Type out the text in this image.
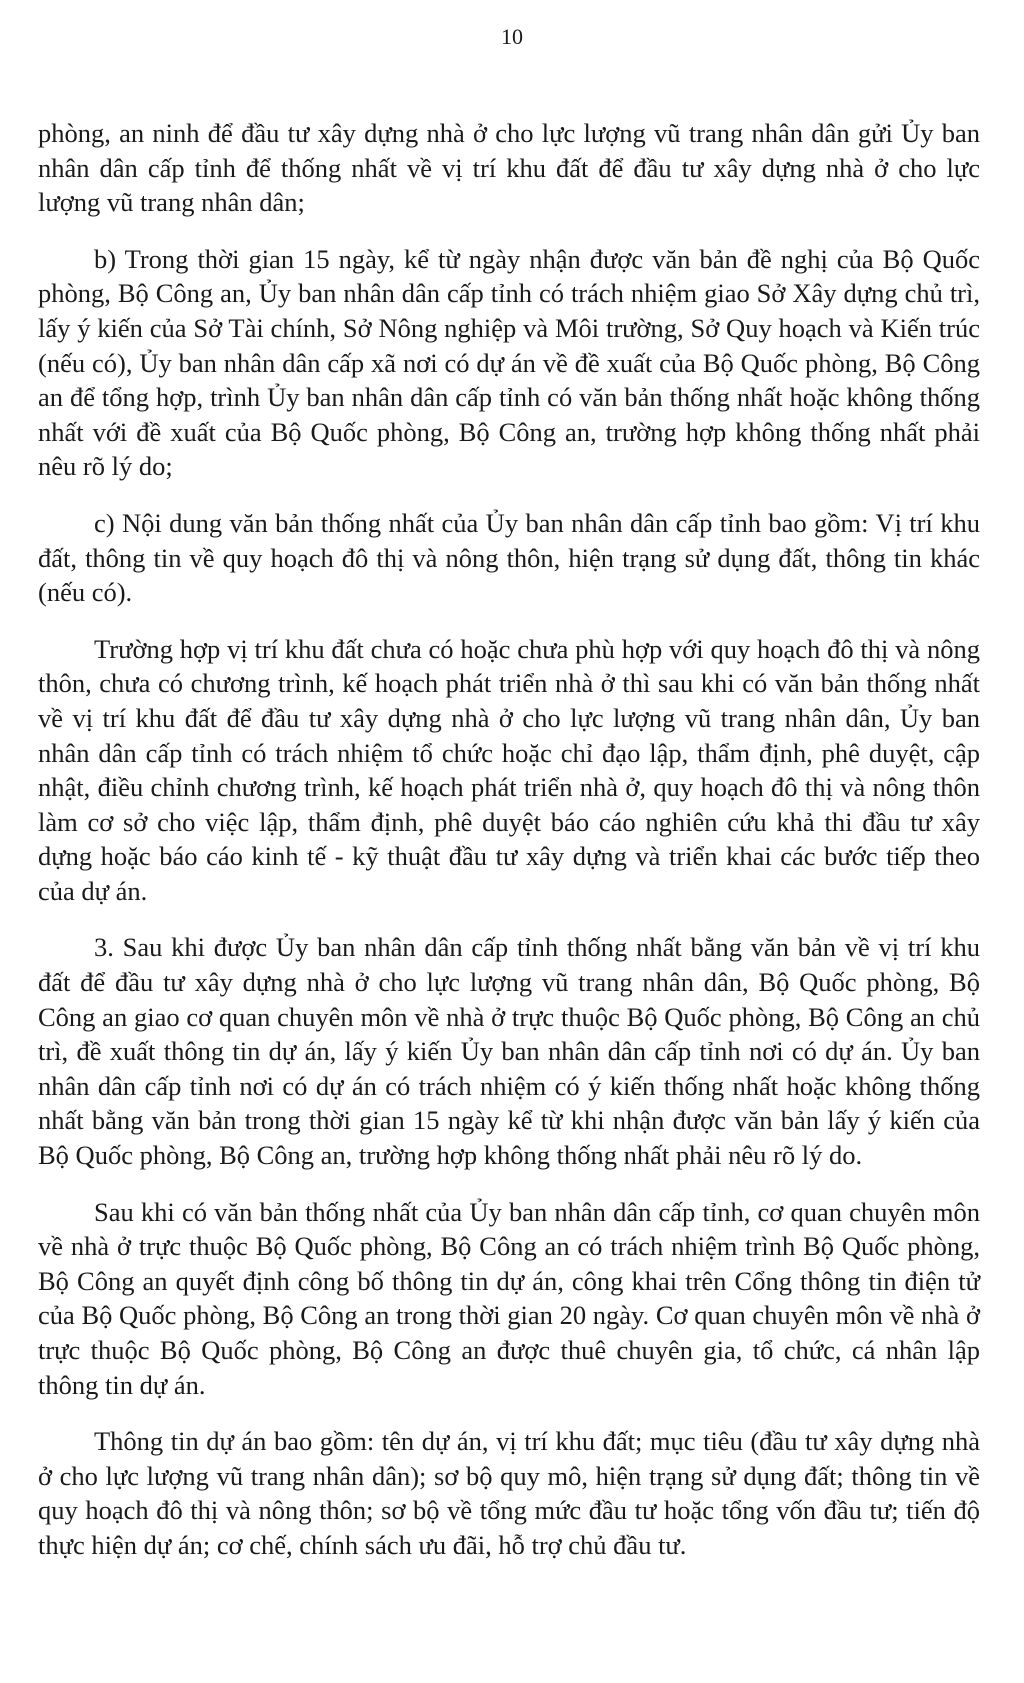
10

phòng, an ninh để đầu tư xây dựng nhà ở cho lực lượng vũ trang nhân dân gửi Ủy ban nhân dân cấp tỉnh để thống nhất về vị trí khu đất để đầu tư xây dựng nhà ở cho lực lượng vũ trang nhân dân;

b) Trong thời gian 15 ngày, kể từ ngày nhận được văn bản đề nghị của Bộ Quốc phòng, Bộ Công an, Ủy ban nhân dân cấp tỉnh có trách nhiệm giao Sở Xây dựng chủ trì, lấy ý kiến của Sở Tài chính, Sở Nông nghiệp và Môi trường, Sở Quy hoạch và Kiến trúc (nếu có), Ủy ban nhân dân cấp xã nơi có dự án về đề xuất của Bộ Quốc phòng, Bộ Công an để tổng hợp, trình Ủy ban nhân dân cấp tỉnh có văn bản thống nhất hoặc không thống nhất với đề xuất của Bộ Quốc phòng, Bộ Công an, trường hợp không thống nhất phải nêu rõ lý do;

c) Nội dung văn bản thống nhất của Ủy ban nhân dân cấp tỉnh bao gồm: Vị trí khu đất, thông tin về quy hoạch đô thị và nông thôn, hiện trạng sử dụng đất, thông tin khác (nếu có).

Trường hợp vị trí khu đất chưa có hoặc chưa phù hợp với quy hoạch đô thị và nông thôn, chưa có chương trình, kế hoạch phát triển nhà ở thì sau khi có văn bản thống nhất về vị trí khu đất để đầu tư xây dựng nhà ở cho lực lượng vũ trang nhân dân, Ủy ban nhân dân cấp tỉnh có trách nhiệm tổ chức hoặc chỉ đạo lập, thẩm định, phê duyệt, cập nhật, điều chỉnh chương trình, kế hoạch phát triển nhà ở, quy hoạch đô thị và nông thôn làm cơ sở cho việc lập, thẩm định, phê duyệt báo cáo nghiên cứu khả thi đầu tư xây dựng hoặc báo cáo kinh tế - kỹ thuật đầu tư xây dựng và triển khai các bước tiếp theo của dự án.

3. Sau khi được Ủy ban nhân dân cấp tỉnh thống nhất bằng văn bản về vị trí khu đất để đầu tư xây dựng nhà ở cho lực lượng vũ trang nhân dân, Bộ Quốc phòng, Bộ Công an giao cơ quan chuyên môn về nhà ở trực thuộc Bộ Quốc phòng, Bộ Công an chủ trì, đề xuất thông tin dự án, lấy ý kiến Ủy ban nhân dân cấp tỉnh nơi có dự án. Ủy ban nhân dân cấp tỉnh nơi có dự án có trách nhiệm có ý kiến thống nhất hoặc không thống nhất bằng văn bản trong thời gian 15 ngày kể từ khi nhận được văn bản lấy ý kiến của Bộ Quốc phòng, Bộ Công an, trường hợp không thống nhất phải nêu rõ lý do.

Sau khi có văn bản thống nhất của Ủy ban nhân dân cấp tỉnh, cơ quan chuyên môn về nhà ở trực thuộc Bộ Quốc phòng, Bộ Công an có trách nhiệm trình Bộ Quốc phòng, Bộ Công an quyết định công bố thông tin dự án, công khai trên Cổng thông tin điện tử của Bộ Quốc phòng, Bộ Công an trong thời gian 20 ngày. Cơ quan chuyên môn về nhà ở trực thuộc Bộ Quốc phòng, Bộ Công an được thuê chuyên gia, tổ chức, cá nhân lập thông tin dự án.

Thông tin dự án bao gồm: tên dự án, vị trí khu đất; mục tiêu (đầu tư xây dựng nhà ở cho lực lượng vũ trang nhân dân); sơ bộ quy mô, hiện trạng sử dụng đất; thông tin về quy hoạch đô thị và nông thôn; sơ bộ về tổng mức đầu tư hoặc tổng vốn đầu tư; tiến độ thực hiện dự án; cơ chế, chính sách ưu đãi, hỗ trợ chủ đầu tư.
